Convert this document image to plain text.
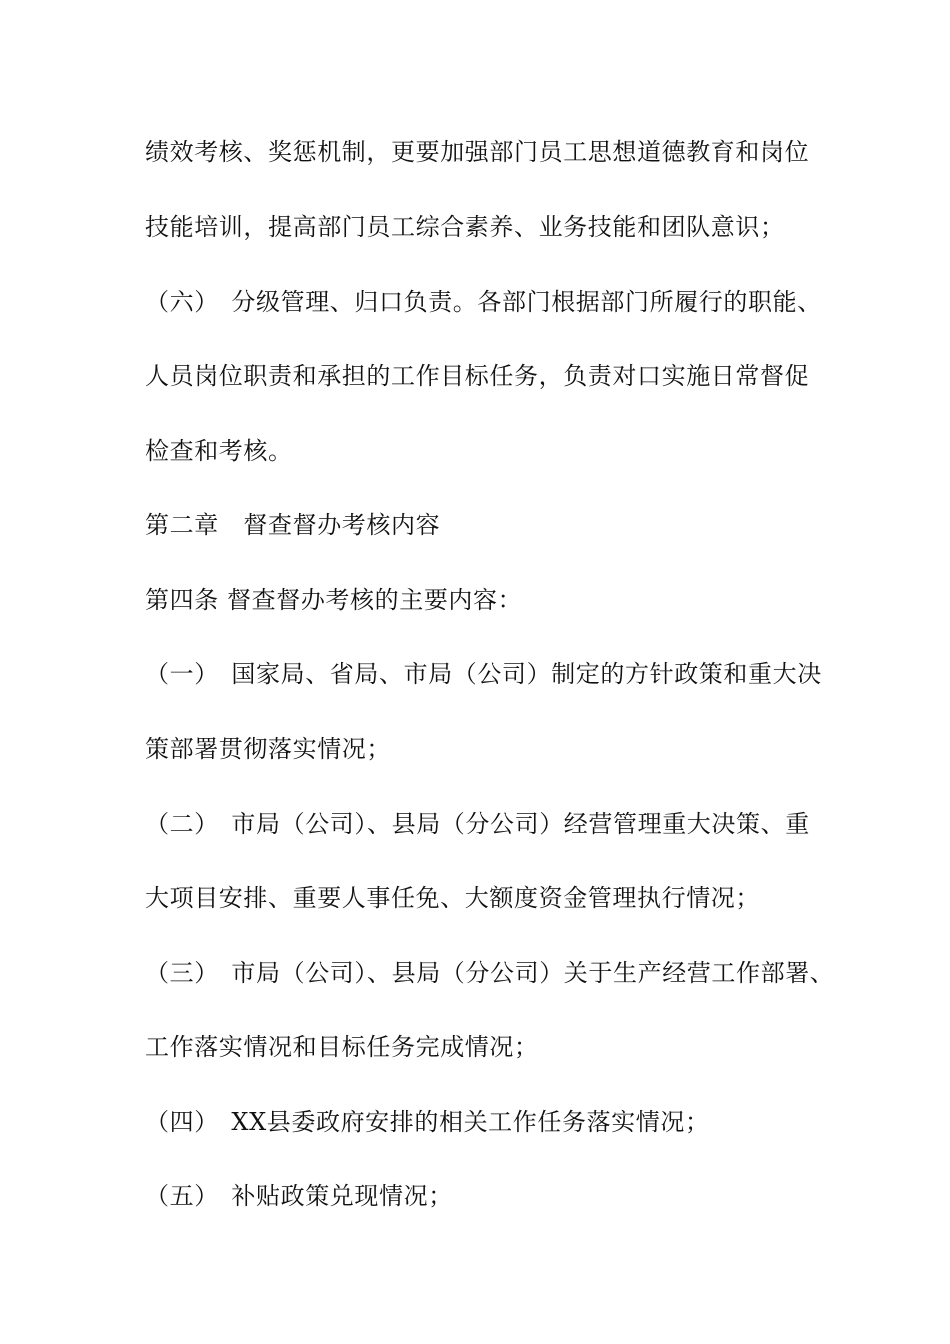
绩效考核、奖惩机制，更要加强部门员工思想道德教育和岗位
技能培训，提高部门员工综合素养、业务技能和团队意识；
（六）　分级管理、归口负责。各部门根据部门所履行的职能、
人员岗位职责和承担的工作目标任务，负责对口实施日常督促
检查和考核。
第二章　督查督办考核内容
第四条 督查督办考核的主要内容：
（一）　国家局、省局、市局（公司）制定的方针政策和重大决
策部署贯彻落实情况；
（二）　市局（公司）、县局（分公司）经营管理重大决策、重
大项目安排、重要人事任免、大额度资金管理执行情况；
（三）　市局（公司）、县局（分公司）关于生产经营工作部署、
工作落实情况和目标任务完成情况；
（四）　XX县委政府安排的相关工作任务落实情况；
（五）　补贴政策兑现情况；
